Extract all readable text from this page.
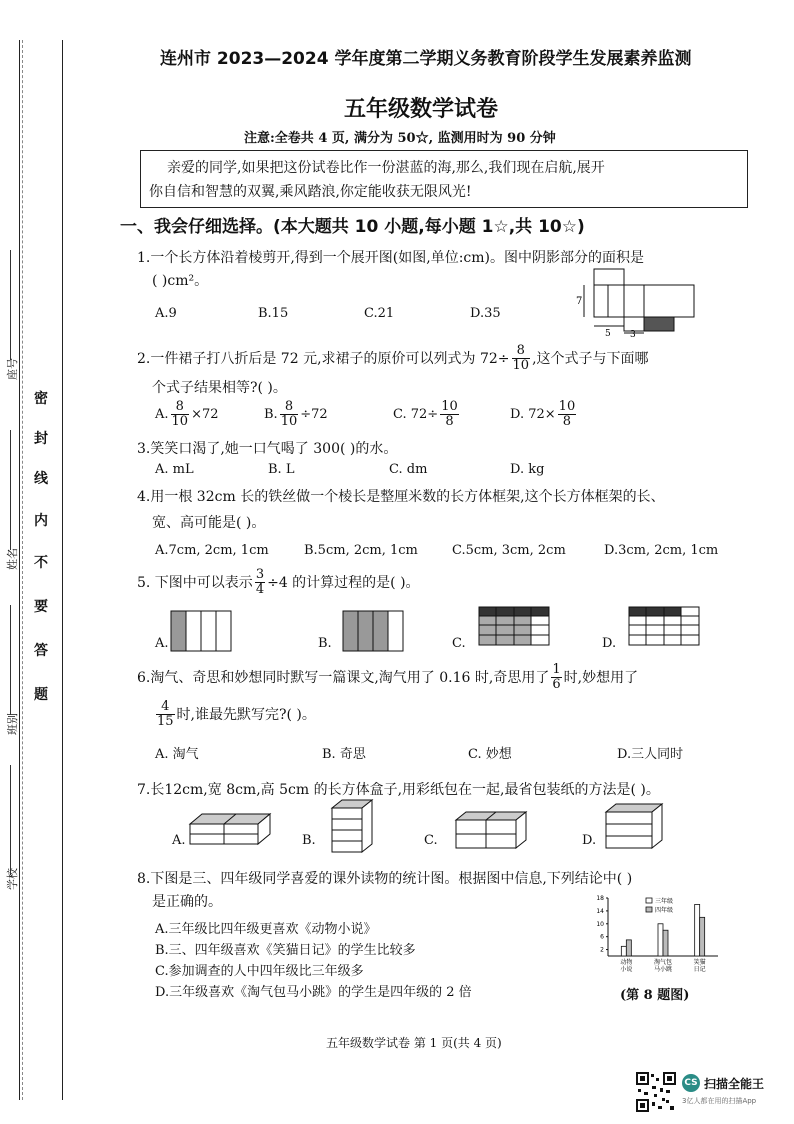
密
封
线
内
不
要
答
题
座号
姓名
班别
学校
连州市 2023—2024 学年度第二学期义务教育阶段学生发展素养监测
五年级数学试卷
注意:全卷共 4 页, 满分为 50☆, 监测用时为 90 分钟
亲爱的同学,如果把这份试卷比作一份湛蓝的海,那么,我们现在启航,展开
你自信和智慧的双翼,乘风踏浪,你定能收获无限风光!
一、我会仔细选择。(本大题共 10 小题,每小题 1☆,共 10☆)
1.一个长方体沿着棱剪开,得到一个展开图(如图,单位:cm)。图中阴影部分的面积是
( )cm²。
A.9	B.15	C.21	D.35
7
5 3
2.一件裙子打八折后是 72 元,求裙子的原价可以列式为 $72\div \frac{8}{10}$ ,这个式子与下面哪
个式子结果相等?( )。
A. $\frac{8}{10} \times 72$	B. $\frac{8}{10} \div 72$	C. $72\div \frac{10}{8}$	D. $72\times \frac{10}{8}$
3.笑笑口渴了,她一口气喝了 300( )的水。
A. mL	B. L	C. dm	D. kg
4.用一根 32cm 长的铁丝做一个棱长是整厘米数的长方体框架,这个长方体框架的长、
宽、高可能是( )。
A.7cm, 2cm, 1cm	B.5cm, 2cm, 1cm	C.5cm, 3cm, 2cm	D.3cm, 2cm, 1cm
5. 下图中可以表示 $\frac{3}{4} \div 4$ 的计算过程的是( )。
A.	B.	C.	D.
6.淘气、奇思和妙想同时默写一篇课文,淘气用了 0.16 时,奇思用了 $\frac{1}{6}$ 时,妙想用了
$\frac{4}{15}$ 时,谁最先默写完?( )。
A. 淘气	B. 奇思	C. 妙想	D.三人同时
7.长12cm,宽 8cm,高 5cm 的长方体盒子,用彩纸包在一起,最省包装纸的方法是( )。
A.	B.	C.	D.
8.下图是三、四年级同学喜爱的课外读物的统计图。根据图中信息,下列结论中( )
是正确的。
A.三年级比四年级更喜欢《动物小说》
B.三、四年级喜欢《笑猫日记》的学生比较多
C.参加调查的人中四年级比三年级多
D.三年级喜欢《淘气包马小跳》的学生是四年级的 2 倍
2
6
10
14
18
动物
小说
淘气包
马小跳
笑猫
日记
三年级
四年级
(第 8 题图)
五年级数学试卷 第 1 页(共 4 页)
CS 扫描全能王
3亿人都在用的扫描App
